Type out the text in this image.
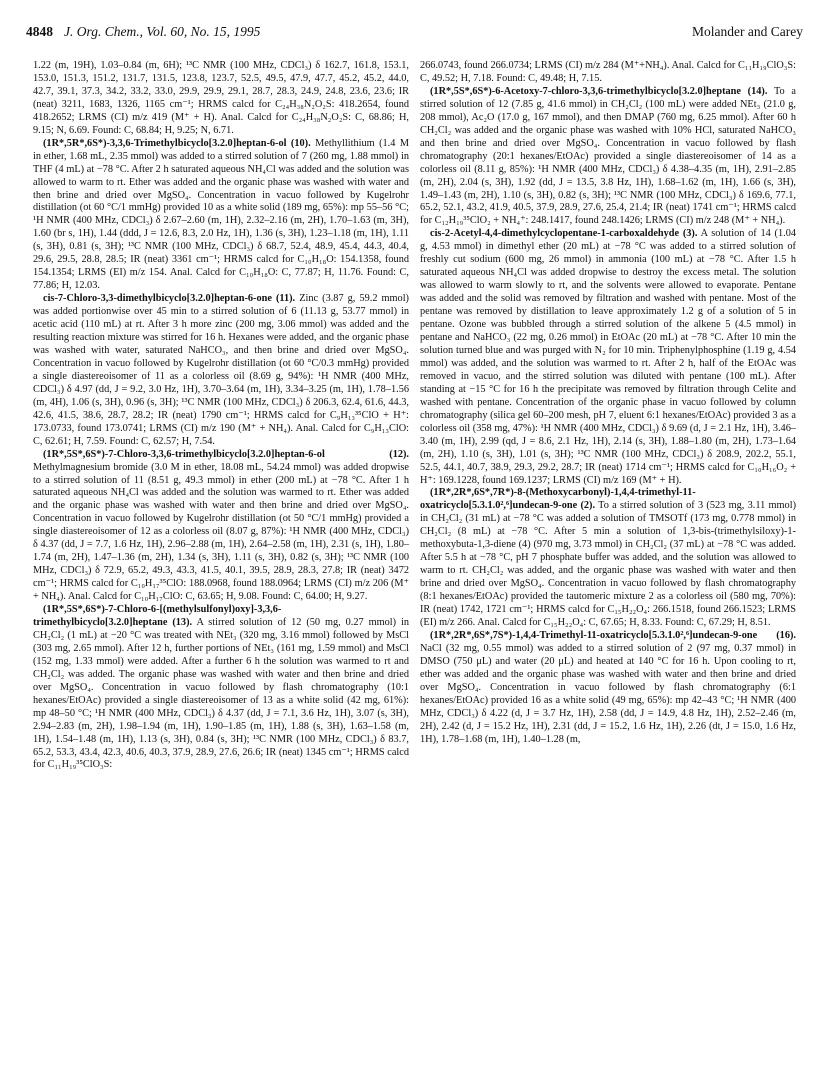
4848 J. Org. Chem., Vol. 60, No. 15, 1995	Molander and Carey

1.22 (m, 19H), 1.03–0.84 (m, 6H); ¹³C NMR (100 MHz, CDCl₃) δ 162.7, 161.8, 153.1, 153.0, 151.3, 151.2, 131.7, 131.5, 123.8, 123.7, 52.5, 49.5, 47.9, 47.7, 45.2, 45.2, 44.0, 42.7, 39.1, 37.3, 34.2, 33.2, 33.0, 29.9, 29.9, 29.1, 28.7, 28.3, 24.9, 24.8, 23.6, 23.6; IR (neat) 3211, 1683, 1326, 1165 cm⁻¹; HRMS calcd for C₂₄H₃₈N₂O₂S: 418.2654, found 418.2652; LRMS (CI) m/z 419 (M⁺ + H). Anal. Calcd for C₂₄H₃₈N₂O₂S: C, 68.86; H, 9.15; N, 6.69. Found: C, 68.84; H, 9.25; N, 6.71.

(1R*,5R*,6S*)-3,3,6-Trimethylbicyclo[3.2.0]heptan-6-ol (10). Methyllithium (1.4 M in ether, 1.68 mL, 2.35 mmol) was added to a stirred solution of 7 (260 mg, 1.88 mmol) in THF (4 mL) at −78 °C. After 2 h saturated aqueous NH₄Cl was added and the solution was allowed to warm to rt. Ether was added and the organic phase was washed with water and then brine and dried over MgSO₄. Concentration in vacuo followed by Kugelrohr distillation (ot 60 °C/1 mmHg) provided 10 as a white solid (189 mg, 65%): mp 55–56 °C; ¹H NMR (400 MHz, CDCl₃) δ 2.67–2.60 (m, 1H), 2.32–2.16 (m, 2H), 1.70–1.63 (m, 3H), 1.60 (br s, 1H), 1.44 (ddd, J = 12.6, 8.3, 2.0 Hz, 1H), 1.36 (s, 3H), 1.23–1.18 (m, 1H), 1.11 (s, 3H), 0.81 (s, 3H); ¹³C NMR (100 MHz, CDCl₃) δ 68.7, 52.4, 48.9, 45.4, 44.3, 40.4, 29.6, 29.5, 28.8, 28.5; IR (neat) 3361 cm⁻¹; HRMS calcd for C₁₀H₁₈O: 154.1358, found 154.1354; LRMS (EI) m/z 154. Anal. Calcd for C₁₀H₁₈O: C, 77.87; H, 11.76. Found: C, 77.86; H, 12.03.

cis-7-Chloro-3,3-dimethylbicyclo[3.2.0]heptan-6-one (11). Zinc (3.87 g, 59.2 mmol) was added portionwise over 45 min to a stirred solution of 6 (11.13 g, 53.77 mmol) in acetic acid (110 mL) at rt. After 3 h more zinc (200 mg, 3.06 mmol) was added and the resulting reaction mixture was stirred for 16 h. Hexanes were added, and the organic phase was washed with water, saturated NaHCO₃, and then brine and dried over MgSO₄. Concentration in vacuo followed by Kugelrohr distillation (ot 60 °C/0.3 mmHg) provided a single diastereoisomer of 11 as a colorless oil (8.69 g, 94%): ¹H NMR (400 MHz, CDCl₃) δ 4.97 (dd, J = 9.2, 3.0 Hz, 1H), 3.70–3.64 (m, 1H), 3.34–3.25 (m, 1H), 1.78–1.56 (m, 4H), 1.06 (s, 3H), 0.96 (s, 3H); ¹³C NMR (100 MHz, CDCl₃) δ 206.3, 62.4, 61.6, 44.3, 42.6, 41.5, 38.6, 28.7, 28.2; IR (neat) 1790 cm⁻¹; HRMS calcd for C₉H₁₃³⁵ClO + H⁺: 173.0733, found 173.0741; LRMS (CI) m/z 190 (M⁺ + NH₄). Anal. Calcd for C₉H₁₃ClO: C, 62.61; H, 7.59. Found: C, 62.57; H, 7.54.

(1R*,5S*,6S*)-7-Chloro-3,3,6-trimethylbicyclo[3.2.0]heptan-6-ol (12). Methylmagnesium bromide (3.0 M in ether, 18.08 mL, 54.24 mmol) was added dropwise to a stirred solution of 11 (8.51 g, 49.3 mmol) in ether (200 mL) at −78 °C. After 1 h saturated aqueous NH₄Cl was added and the solution was warmed to rt. Ether was added and the organic phase was washed with water and then brine and dried over MgSO₄. Concentration in vacuo followed by Kugelrohr distillation (ot 50 °C/1 mmHg) provided a single diastereoisomer of 12 as a colorless oil (8.07 g, 87%): ¹H NMR (400 MHz, CDCl₃) δ 4.37 (dd, J = 7.7, 1.6 Hz, 1H), 2.96–2.88 (m, 1H), 2.64–2.58 (m, 1H), 2.31 (s, 1H), 1.80–1.74 (m, 2H), 1.47–1.36 (m, 2H), 1.34 (s, 3H), 1.11 (s, 3H), 0.82 (s, 3H); ¹³C NMR (100 MHz, CDCl₃) δ 72.9, 65.2, 49.3, 43.3, 41.5, 40.1, 39.5, 28.9, 28.3, 27.8; IR (neat) 3472 cm⁻¹; HRMS calcd for C₁₀H₁₇³⁵ClO: 188.0968, found 188.0964; LRMS (CI) m/z 206 (M⁺ + NH₄). Anal. Calcd for C₁₀H₁₇ClO: C, 63.65; H, 9.08. Found: C, 64.00; H, 9.27.

(1R*,5S*,6S*)-7-Chloro-6-[(methylsulfonyl)oxy]-3,3,6-trimethylbicyclo[3.2.0]heptane (13). A stirred solution of 12 (50 mg, 0.27 mmol) in CH₂Cl₂ (1 mL) at −20 °C was treated with NEt₃ (320 mg, 3.16 mmol) followed by MsCl (303 mg, 2.65 mmol). After 12 h, further portions of NEt₃ (161 mg, 1.59 mmol) and MsCl (152 mg, 1.33 mmol) were added. After a further 6 h the solution was warmed to rt and CH₂Cl₂ was added. The organic phase was washed with water and then brine and dried over MgSO₄. Concentration in vacuo followed by flash chromatography (10:1 hexanes/EtOAc) provided a single diastereoisomer of 13 as a white solid (42 mg, 61%): mp 48–50 °C; ¹H NMR (400 MHz, CDCl₃) δ 4.37 (dd, J = 7.1, 3.6 Hz, 1H), 3.07 (s, 3H), 2.94–2.83 (m, 2H), 1.98–1.94 (m, 1H), 1.90–1.85 (m, 1H), 1.88 (s, 3H), 1.63–1.58 (m, 1H), 1.54–1.48 (m, 1H), 1.13 (s, 3H), 0.84 (s, 3H); ¹³C NMR (100 MHz, CDCl₃) δ 83.7, 65.2, 53.3, 43.4, 42.3, 40.6, 40.3, 37.9, 28.9, 27.6, 26.6; IR (neat) 1345 cm⁻¹; HRMS calcd for C₁₁H₁₉³⁵ClO₃S:

266.0743, found 266.0734; LRMS (CI) m/z 284 (M⁺+NH₄). Anal. Calcd for C₁₁H₁₉ClO₃S: C, 49.52; H, 7.18. Found: C, 49.48; H, 7.15.

(1R*,5S*,6S*)-6-Acetoxy-7-chloro-3,3,6-trimethylbicyclo[3.2.0]heptane (14). To a stirred solution of 12 (7.85 g, 41.6 mmol) in CH₂Cl₂ (100 mL) were added NEt₃ (21.0 g, 208 mmol), Ac₂O (17.0 g, 167 mmol), and then DMAP (760 mg, 6.25 mmol). After 60 h CH₂Cl₂ was added and the organic phase was washed with 10% HCl, saturated NaHCO₃ and then brine and dried over MgSO₄. Concentration in vacuo followed by flash chromatography (20:1 hexanes/EtOAc) provided a single diastereoisomer of 14 as a colorless oil (8.11 g, 85%): ¹H NMR (400 MHz, CDCl₃) δ 4.38–4.35 (m, 1H), 2.91–2.85 (m, 2H), 2.04 (s, 3H), 1.92 (dd, J = 13.5, 3.8 Hz, 1H), 1.68–1.62 (m, 1H), 1.66 (s, 3H), 1.49–1.43 (m, 2H), 1.10 (s, 3H), 0.82 (s, 3H); ¹³C NMR (100 MHz, CDCl₃) δ 169.6, 77.1, 65.2, 52.1, 43.2, 41.9, 40.5, 37.9, 28.9, 27.6, 25.4, 21.4; IR (neat) 1741 cm⁻¹; HRMS calcd for C₁₂H₁₉³⁵ClO₂ + NH₄⁺: 248.1417, found 248.1426; LRMS (CI) m/z 248 (M⁺ + NH₄).

cis-2-Acetyl-4,4-dimethylcyclopentane-1-carboxaldehyde (3). A solution of 14 (1.04 g, 4.53 mmol) in dimethyl ether (20 mL) at −78 °C was added to a stirred solution of freshly cut sodium (600 mg, 26 mmol) in ammonia (100 mL) at −78 °C. After 1.5 h saturated aqueous NH₄Cl was added dropwise to destroy the excess metal. The solution was allowed to warm slowly to rt, and the solvents were allowed to evaporate. Pentane was added and the solid was removed by filtration and washed with pentane. Most of the pentane was removed by distillation to leave approximately 1.2 g of a solution of 5 in pentane. Ozone was bubbled through a stirred solution of the alkene 5 (4.5 mmol) in pentane and NaHCO₃ (22 mg, 0.26 mmol) in EtOAc (20 mL) at −78 °C. After 10 min the solution turned blue and was purged with N₂ for 10 min. Triphenylphosphine (1.19 g, 4.54 mmol) was added, and the solution was warmed to rt. After 2 h, half of the EtOAc was removed in vacuo, and the stirred solution was diluted with pentane (100 mL). After standing at −15 °C for 16 h the precipitate was removed by filtration through Celite and washed with pentane. Concentration of the organic phase in vacuo followed by column chromatography (silica gel 60–200 mesh, pH 7, eluent 6:1 hexanes/EtOAc) provided 3 as a colorless oil (358 mg, 47%): ¹H NMR (400 MHz, CDCl₃) δ 9.69 (d, J = 2.1 Hz, 1H), 3.46–3.40 (m, 1H), 2.99 (qd, J = 8.6, 2.1 Hz, 1H), 2.14 (s, 3H), 1.88–1.80 (m, 2H), 1.73–1.64 (m, 2H), 1.10 (s, 3H), 1.01 (s, 3H); ¹³C NMR (100 MHz, CDCl₃) δ 208.9, 202.2, 55.1, 52.5, 44.1, 40.7, 38.9, 29.3, 29.2, 28.7; IR (neat) 1714 cm⁻¹; HRMS calcd for C₁₀H₁₆O₂ + H⁺: 169.1228, found 169.1237; LRMS (CI) m/z 169 (M⁺ + H).

(1R*,2R*,6S*,7R*)-8-(Methoxycarbonyl)-1,4,4-trimethyl-11-oxatricyclo[5.3.1.0²,⁶]undecan-9-one (2). To a stirred solution of 3 (523 mg, 3.11 mmol) in CH₂Cl₂ (31 mL) at −78 °C was added a solution of TMSOTf (173 mg, 0.778 mmol) in CH₂Cl₂ (8 mL) at −78 °C. After 5 min a solution of 1,3-bis-(trimethylsiloxy)-1-methoxybuta-1,3-diene (4) (970 mg, 3.73 mmol) in CH₂Cl₂ (37 mL) at −78 °C was added. After 5.5 h at −78 °C, pH 7 phosphate buffer was added, and the solution was allowed to warm to rt. CH₂Cl₂ was added, and the organic phase was washed with water and then brine and dried over MgSO₄. Concentration in vacuo followed by flash chromatography (8:1 hexanes/EtOAc) provided the tautomeric mixture 2 as a colorless oil (580 mg, 70%): IR (neat) 1742, 1721 cm⁻¹; HRMS calcd for C₁₅H₂₂O₄: 266.1518, found 266.1523; LRMS (EI) m/z 266. Anal. Calcd for C₁₅H₂₂O₄: C, 67.65; H, 8.33. Found: C, 67.29; H, 8.51.

(1R*,2R*,6S*,7S*)-1,4,4-Trimethyl-11-oxatricyclo[5.3.1.0²,⁶]undecan-9-one (16). NaCl (32 mg, 0.55 mmol) was added to a stirred solution of 2 (97 mg, 0.37 mmol) in DMSO (750 μL) and water (20 μL) and heated at 140 °C for 16 h. Upon cooling to rt, ether was added and the organic phase was washed with water and then brine and dried over MgSO₄. Concentration in vacuo followed by flash chromatography (6:1 hexanes/EtOAc) provided 16 as a white solid (49 mg, 65%): mp 42–43 °C; ¹H NMR (400 MHz, CDCl₃) δ 4.22 (d, J = 3.7 Hz, 1H), 2.58 (dd, J = 14.9, 4.8 Hz, 1H), 2.52–2.46 (m, 2H), 2.42 (d, J = 15.2 Hz, 1H), 2.31 (dd, J = 15.2, 1.6 Hz, 1H), 2.26 (dt, J = 15.0, 1.6 Hz, 1H), 1.78–1.68 (m, 1H), 1.40–1.28 (m,
